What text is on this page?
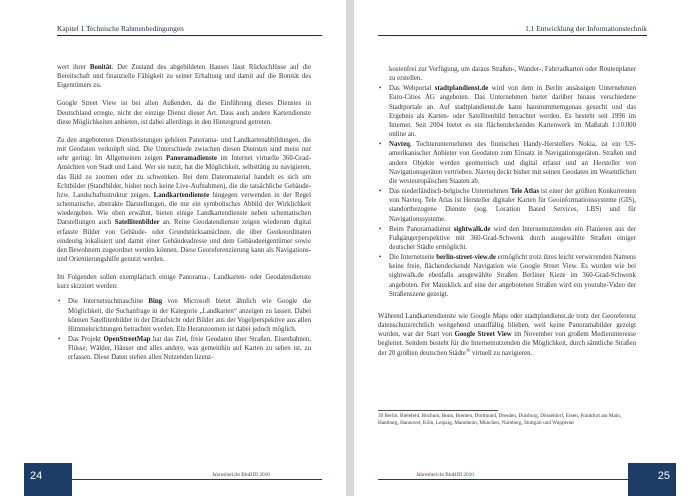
Kapitel 1 Technische Rahmenbedingungen

wert ihrer Bonität. Der Zustand des abgebildeten Hauses lässt Rückschlüsse auf die Bereitschaft und finanzielle Fähigkeit zu seiner Erhaltung und damit auf die Bonität des Eigentümers zu.

Google Street View ist bei allen Außenden, da die Einführung dieses Dienstes in Deutschland erregte, nicht der einzige Dienst dieser Art. Dass auch andere Kartendienste diese Möglichkeiten anbieten, ist dabei allerdings in den Hintergrund getreten.

Zu den angebotenen Dienstleistungen gehören Panorama- und Landkartenabbildungen, die mit Geodaten verknüpft sind. Die Unterschiede zwischen diesen Diensten sind meist nur sehr gering: Im Allgemeinen zeigen Panoramadienste im Internet virtuelle 360-Grad-Ansichten von Stadt und Land. Wer sie nutzt, hat die Möglichkeit, selbsttätig zu navigieren, das Bild zu zoomen oder zu schwenken. Bei dem Datenmaterial handelt es sich um Echtbilder (Standbilder, bisher noch keine Live-Aufnahmen), die die tatsächliche Gebäude- bzw. Landschaftsstruktur zeigen. Landkartendienste hingegen verwenden in der Regel schematische, abstrakte Darstellungen, die nur ein symbolisches Abbild der Wirklichkeit wiedergeben. Wie oben erwähnt, bieten einige Landkartendienste neben schematischen Darstellungen auch Satellitenbilder an. Reine Geodatendienste zeigen wiederum digital erfasste Bilder von Gebäude- oder Grundstücksansichten, die über Geokoordinaten eindeutig lokalisiert und damit einer Gebäudeadresse und dem Gebäudeeigentümer sowie den Bewohnern zugeordnet werden können. Diese Georeferenzierung kann als Navigations- und Orientierungshilfe genutzt werden.

Im Folgenden sollen exemplarisch einige Panorama-, Landkarten- oder Geodatendienste kurz skizziert werden:

• Die Internetsuchmaschine Bing von Microsoft bietet ähnlich wie Google die Möglichkeit, die Suchanfrage in der Kategorie „Landkarten“ anzeigen zu lassen. Dabei können Satellitenbilder in der Draufsicht oder Bilder aus der Vogelperspektive aus allen Himmelsrichtungen betrachtet werden. Ein Heranzoomen ist dabei jedoch möglich.
• Das Projekt OpenStreetMap hat das Ziel, freie Geodaten über Straßen, Eisenbahnen, Flüsse, Wälder, Häuser und alles andere, was gemeinhin auf Karten zu sehen ist, zu erfassen. Diese Daten stehen allen Nutzenden lizenz-
24	Jahresbericht BlnBDI 2010
1.1 Entwicklung der Informationstechnik
kostenfrei zur Verfügung, um daraus Straßen-, Wander-, Fahrradkarten oder Routenplaner zu erstellen.
• Das Webportal stadtplandienst.de wird von dem in Berlin ansässigen Unternehmen Euro-Cities AG angeboten. Das Unternehmen bietet darüber hinaus verschiedene Stadtportale an. Auf stadtplandienst.de kann hausnummerngenau gesucht und das Ergebnis als Karten- oder Satellitenbild betrachtet werden. Es besteht seit 1996 im Internet. Seit 2004 bietet es ein flächendeckendes Kartenwerk im Maßstab 1:10.000 online an.
• Navteq, Tochterunternehmen des finnischen Handy-Herstellers Nokia, ist ein US-amerikanischer Anbieter von Geodaten zum Einsatz in Navigationsgeräten. Straßen und andere Objekte werden geometrisch und digital erfasst und an Hersteller von Navigationsgeräten vertrieben. Navteq deckt bisher mit seinen Geodaten im Wesentlichen die westeuropäischen Staaten ab.
• Das niederländisch-belgische Unternehmen Tele Atlas ist einer der größten Konkurrenten von Navteq. Tele Atlas ist Hersteller digitaler Karten für Geoinformationssysteme (GIS), standortbezogene Dienste (sog. Location Based Services, LBS) und für Navigationssysteme.
• Beim Panoramadienst sightwalk.de wird den Internetnutzenden ein Flanieren aus der Fußgängerperspektive mit 360-Grad-Schwenk durch ausgewählte Straßen einiger deutscher Städte ermöglicht.
• Die Internetseite berlin-street-view.de ermöglicht trotz ihres leicht verwirrenden Namens keine freie, flächendeckende Navigation wie Google Street View. Es wurden wie bei sightwalk.de ebenfalls ausgewählte Straßen Berliner Kieze im 360-Grad-Schwenk angeboten. Per Mausklick auf eine der angebotenen Straßen wird ein youtube-Video der Straßenszene gezeigt.

Während Landkartendienste wie Google Maps oder stadtplandienst.de trotz der Georeferenz datenschutzrechtlich weitgehend unauffällig blieben, weil keine Panoramabilder gezeigt wurden, war der Start von Google Street View im November von großem Medieninteresse begleitet. Seitdem besteht für die Internetnutzenden die Möglichkeit, durch sämtliche Straßen der 20 größten deutschen Städte$^{30}$ virtuell zu navigieren.

30 Berlin, Bielefeld, Bochum, Bonn, Bremen, Dortmund, Dresden, Duisburg, Düsseldorf, Essen, Frankfurt am Main, Hamburg, Hannover, Köln, Leipzig, Mannheim, München, Nürnberg, Stuttgart und Wuppertal
25
Jahresbericht BlnBDI 2010
